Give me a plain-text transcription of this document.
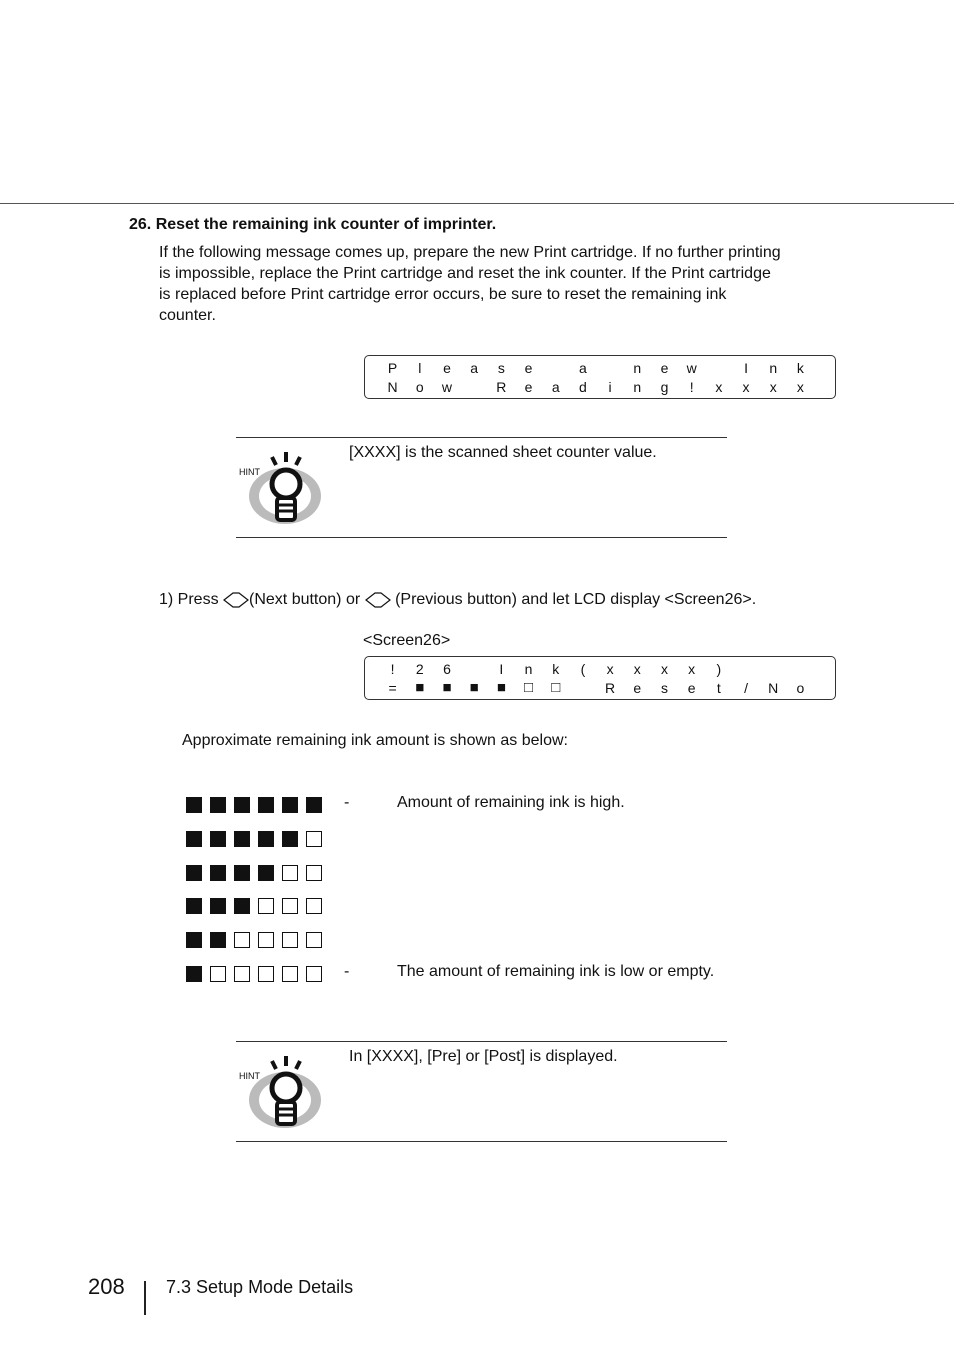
26. Reset the remaining ink counter of imprinter.

If the following message comes up, prepare the new Print cartridge. If no further printing

is impossible, replace the Print cartridge and reset the ink counter. If the Print cartridge

is replaced before Print cartridge error occurs, be sure to reset the remaining ink

counter.

P	l	e	a	s	e	a	n	e	w	I	n	k
N	o	w	R	e	a	d	i	n	g	!	x	x	x	x
HINT
[XXXX] is the scanned sheet counter value.
1) Press (Next button) or (Previous button) and let LCD display <Screen26>.
<Screen26>
!	2	6	I	n	k	(	x	x	x	x	)
=	■	■	■	■	□	□	R	e	s	e	t	/	N	o
Approximate remaining ink amount is shown as below:
-	Amount of remaining ink is high.
-	The amount of remaining ink is low or empty.
HINT
In [XXXX], [Pre] or [Post] is displayed.
208 7.3 Setup Mode Details
